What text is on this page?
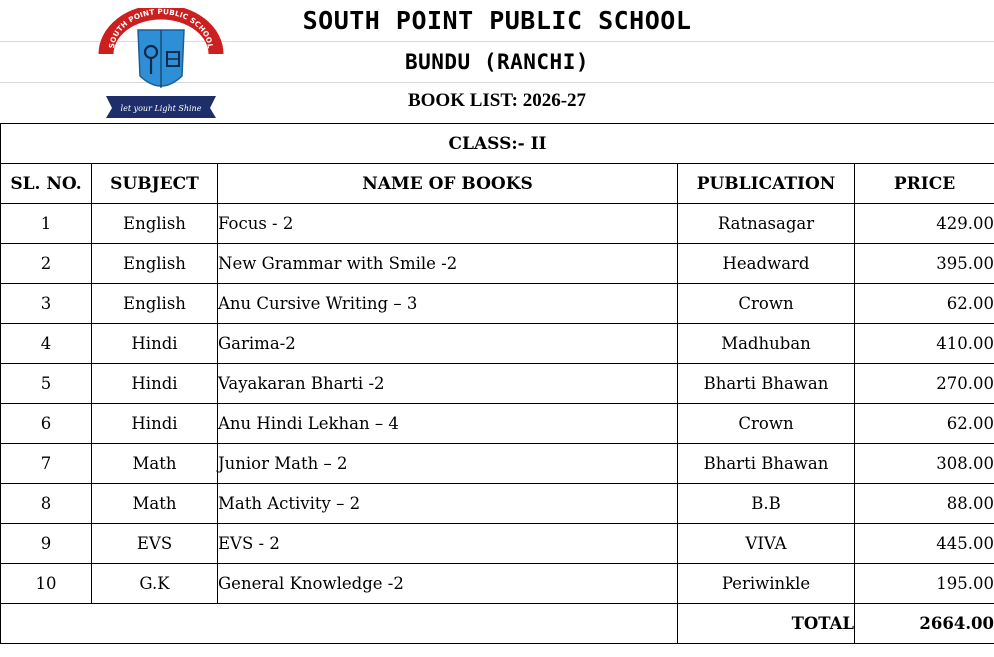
SOUTH POINT PUBLIC SCHOOL
let your Light Shine
SOUTH POINT PUBLIC SCHOOL
BUNDU (RANCHI)
BOOK LIST: 2026-27
CLASS:- II				
SL. NO.	SUBJECT	NAME OF BOOKS	PUBLICATION	PRICE
1	English	Focus - 2	Ratnasagar	429.00
2	English	New Grammar with Smile -2	Headward	395.00
3	English	Anu Cursive Writing – 3	Crown	62.00
4	Hindi	Garima-2	Madhuban	410.00
5	Hindi	Vayakaran Bharti -2	Bharti Bhawan	270.00
6	Hindi	Anu Hindi Lekhan – 4	Crown	62.00
7	Math	Junior Math – 2	Bharti Bhawan	308.00
8	Math	Math Activity – 2	B.B	88.00
9	EVS	EVS - 2	VIVA	445.00
10	G.K	General Knowledge -2	Periwinkle	195.00
			TOTAL	2664.00
